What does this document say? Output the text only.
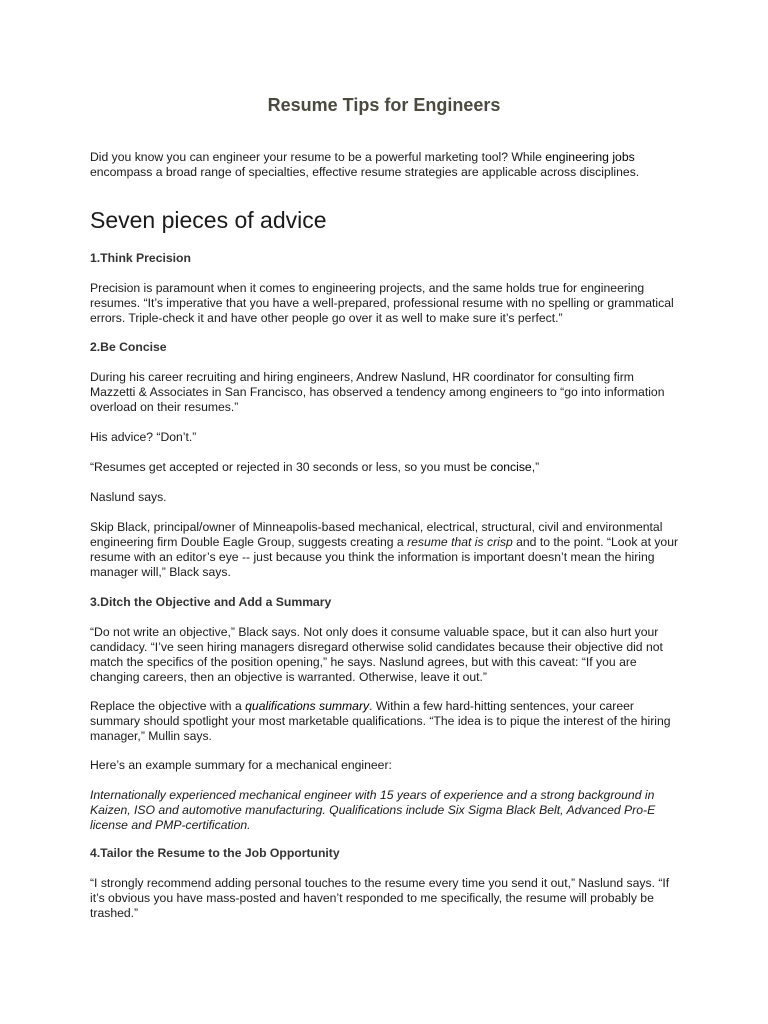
Resume Tips for Engineers

Did you know you can engineer your resume to be a powerful marketing tool? While engineering jobs encompass a broad range of specialties, effective resume strategies are applicable across disciplines.

Seven pieces of advice
1.Think Precision

Precision is paramount when it comes to engineering projects, and the same holds true for engineering resumes. “It’s imperative that you have a well-prepared, professional resume with no spelling or grammatical errors. Triple-check it and have other people go over it as well to make sure it’s perfect.”

2.Be Concise

During his career recruiting and hiring engineers, Andrew Naslund, HR coordinator for consulting firm Mazzetti & Associates in San Francisco, has observed a tendency among engineers to “go into information overload on their resumes.”

His advice? “Don’t.”

“Resumes get accepted or rejected in 30 seconds or less, so you must be concise,”

Naslund says.

Skip Black, principal/owner of Minneapolis-based mechanical, electrical, structural, civil and environmental engineering firm Double Eagle Group, suggests creating a resume that is crisp and to the point. “Look at your resume with an editor’s eye -- just because you think the information is important doesn’t mean the hiring manager will,” Black says.

3.Ditch the Objective and Add a Summary

“Do not write an objective,” Black says. Not only does it consume valuable space, but it can also hurt your candidacy. “I’ve seen hiring managers disregard otherwise solid candidates because their objective did not match the specifics of the position opening,” he says. Naslund agrees, but with this caveat: “If you are changing careers, then an objective is warranted. Otherwise, leave it out.”

Replace the objective with a qualifications summary. Within a few hard-hitting sentences, your career summary should spotlight your most marketable qualifications. “The idea is to pique the interest of the hiring manager,” Mullin says.

Here’s an example summary for a mechanical engineer:

Internationally experienced mechanical engineer with 15 years of experience and a strong background in Kaizen, ISO and automotive manufacturing. Qualifications include Six Sigma Black Belt, Advanced Pro-E license and PMP-certification.

4.Tailor the Resume to the Job Opportunity

“I strongly recommend adding personal touches to the resume every time you send it out,” Naslund says. “If it’s obvious you have mass-posted and haven’t responded to me specifically, the resume will probably be trashed.”
